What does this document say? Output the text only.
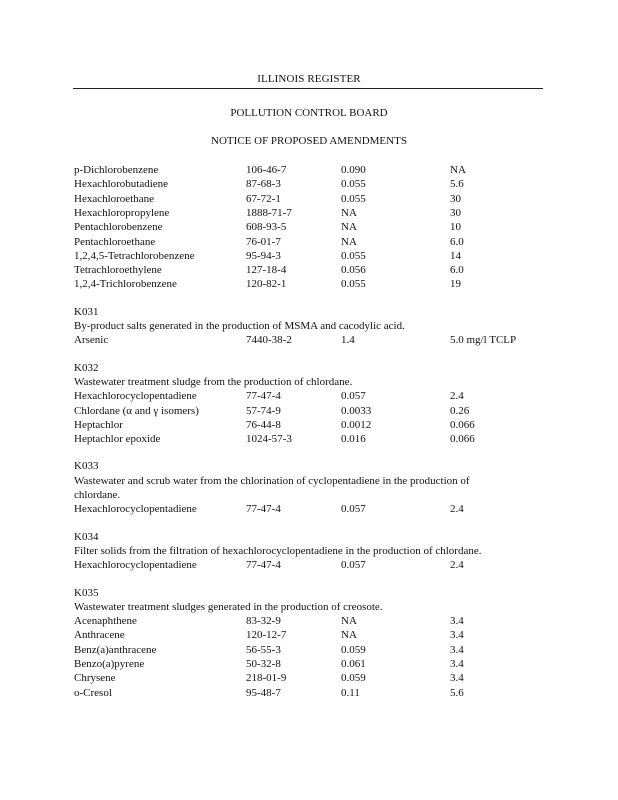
ILLINOIS REGISTER
POLLUTION CONTROL BOARD
NOTICE OF PROPOSED AMENDMENTS
p-Dichlorobenzene	106-46-7	0.090	NA
Hexachlorobutadiene	87-68-3	0.055	5.6
Hexachloroethane	67-72-1	0.055	30
Hexachloropropylene	1888-71-7	NA	30
Pentachlorobenzene	608-93-5	NA	10
Pentachloroethane	76-01-7	NA	6.0
1,2,4,5-Tetrachlorobenzene	95-94-3	0.055	14
Tetrachloroethylene	127-18-4	0.056	6.0
1,2,4-Trichlorobenzene	120-82-1	0.055	19
K031
By-product salts generated in the production of MSMA and cacodylic acid.
Arsenic	7440-38-2	1.4	5.0 mg/l TCLP
K032
Wastewater treatment sludge from the production of chlordane.
Hexachlorocyclopentadiene	77-47-4	0.057	2.4
Chlordane (α and γ isomers)	57-74-9	0.0033	0.26
Heptachlor	76-44-8	0.0012	0.066
Heptachlor epoxide	1024-57-3	0.016	0.066
K033
Wastewater and scrub water from the chlorination of cyclopentadiene in the production of
chlordane.
Hexachlorocyclopentadiene	77-47-4	0.057	2.4
K034
Filter solids from the filtration of hexachlorocyclopentadiene in the production of chlordane.
Hexachlorocyclopentadiene	77-47-4	0.057	2.4
K035
Wastewater treatment sludges generated in the production of creosote.
Acenaphthene	83-32-9	NA	3.4
Anthracene	120-12-7	NA	3.4
Benz(a)anthracene	56-55-3	0.059	3.4
Benzo(a)pyrene	50-32-8	0.061	3.4
Chrysene	218-01-9	0.059	3.4
o-Cresol	95-48-7	0.11	5.6
